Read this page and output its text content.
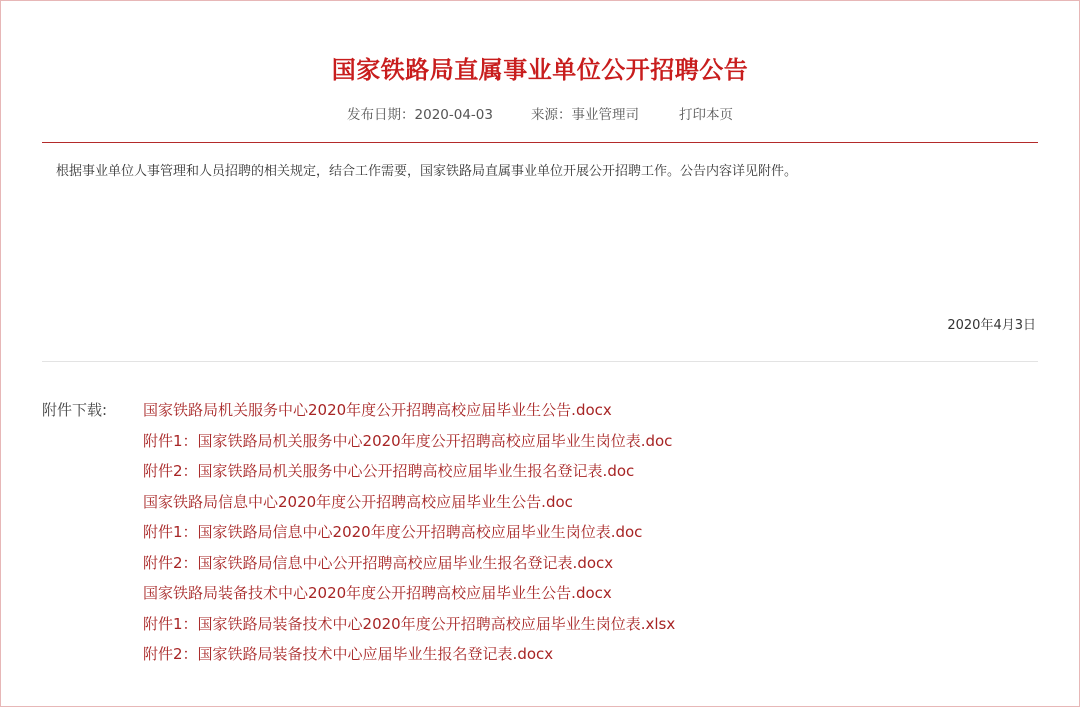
国家铁路局直属事业单位公开招聘公告
发布日期：2020-04-03	来源：事业管理司	打印本页
根据事业单位人事管理和人员招聘的相关规定，结合工作需要，国家铁路局直属事业单位开展公开招聘工作。公告内容详见附件。
2020年4月3日
附件下载: 国家铁路局机关服务中心2020年度公开招聘高校应届毕业生公告.docx
附件1：国家铁路局机关服务中心2020年度公开招聘高校应届毕业生岗位表.doc
附件2：国家铁路局机关服务中心公开招聘高校应届毕业生报名登记表.doc
国家铁路局信息中心2020年度公开招聘高校应届毕业生公告.doc
附件1：国家铁路局信息中心2020年度公开招聘高校应届毕业生岗位表.doc
附件2：国家铁路局信息中心公开招聘高校应届毕业生报名登记表.docx
国家铁路局装备技术中心2020年度公开招聘高校应届毕业生公告.docx
附件1：国家铁路局装备技术中心2020年度公开招聘高校应届毕业生岗位表.xlsx
附件2：国家铁路局装备技术中心应届毕业生报名登记表.docx
